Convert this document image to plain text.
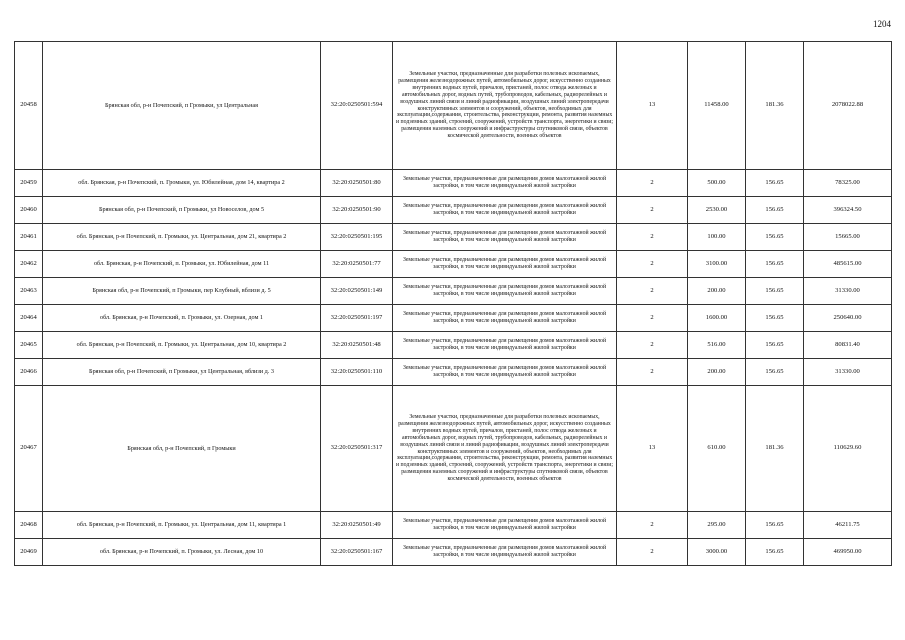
1204
20458	Брянская обл, р-н Почепский, п Громыки, ул Центральная	32:20:0250501:594	Земельные участки, предназначенные для разработки полезных ископаемых, размещения железнодорожных путей, автомобильных дорог, искусственно созданных внутренних водных путей, причалов, пристаней, полос отвода железных и автомобильных дорог, водных путей, трубопроводов, кабельных, радиорелейных и воздушных линий связи и линий радиофикации, воздушных линий электропередачи конструктивных элементов и сооружений, объектов, необходимых для эксплуатации,содержания, строительства, реконструкции, ремонта, развития наземных и подземных зданий, строений, сооружений, устройств транспорта, энергетики и связи; размещения наземных сооружений и инфраструктуры спутниковой связи, объектов космической деятельности, военных объектов	13	11458.00	181.36	2078022.88
20459	обл. Брянская, р-н Почепский, п. Громыки, ул. Юбилейная, дом 14, квартира 2	32:20:0250501:80	Земельные участки, предназначенные для размещения домов малоэтажной жилой застройки, в том числе индивидуальной жилой застройки	2	500.00	156.65	78325.00
20460	Брянская обл, р-н Почепский, п Громыки, ул Новоселов, дом 5	32:20:0250501:90	Земельные участки, предназначенные для размещения домов малоэтажной жилой застройки, в том числе индивидуальной жилой застройки	2	2530.00	156.65	396324.50
20461	обл. Брянская, р-н Почепский, п. Громыки, ул. Центральная, дом 21, квартира 2	32:20:0250501:195	Земельные участки, предназначенные для размещения домов малоэтажной жилой застройки, в том числе индивидуальной жилой застройки	2	100.00	156.65	15665.00
20462	обл. Брянская, р-н Почепский, п. Громыки, ул. Юбилейная, дом 11	32:20:0250501:77	Земельные участки, предназначенные для размещения домов малоэтажной жилой застройки, в том числе индивидуальной жилой застройки	2	3100.00	156.65	485615.00
20463	Брянская обл, р-н Почепский, п Громыки, пер Клубный, вблизи д. 5	32:20:0250501:149	Земельные участки, предназначенные для размещения домов малоэтажной жилой застройки, в том числе индивидуальной жилой застройки	2	200.00	156.65	31330.00
20464	обл. Брянская, р-н Почепский, п. Громыки, ул. Озерная, дом 1	32:20:0250501:197	Земельные участки, предназначенные для размещения домов малоэтажной жилой застройки, в том числе индивидуальной жилой застройки	2	1600.00	156.65	250640.00
20465	обл. Брянская, р-н Почепский, п. Громыки, ул. Центральная, дом 10, квартира 2	32:20:0250501:48	Земельные участки, предназначенные для размещения домов малоэтажной жилой застройки, в том числе индивидуальной жилой застройки	2	516.00	156.65	80831.40
20466	Брянская обл, р-н Почепский, п Громыки, ул Центральная, вблизи д. 3	32:20:0250501:110	Земельные участки, предназначенные для размещения домов малоэтажной жилой застройки, в том числе индивидуальной жилой застройки	2	200.00	156.65	31330.00
20467	Брянская обл, р-н Почепский, п Громыки	32:20:0250501:317	Земельные участки, предназначенные для разработки полезных ископаемых, размещения железнодорожных путей, автомобильных дорог, искусственно созданных внутренних водных путей, причалов, пристаней, полос отвода железных и автомобильных дорог, водных путей, трубопроводов, кабельных, радиорелейных и воздушных линий связи и линий радиофикации, воздушных линий электропередачи конструктивных элементов и сооружений, объектов, необходимых для эксплуатации,содержания, строительства, реконструкции, ремонта, развития наземных и подземных зданий, строений, сооружений, устройств транспорта, энергетики и связи; размещения наземных сооружений и инфраструктуры спутниковой связи, объектов космической деятельности, военных объектов	13	610.00	181.36	110629.60
20468	обл. Брянская, р-н Почепский, п. Громыки, ул. Центральная, дом 11, квартира 1	32:20:0250501:49	Земельные участки, предназначенные для размещения домов малоэтажной жилой застройки, в том числе индивидуальной жилой застройки	2	295.00	156.65	46211.75
20469	обл. Брянская, р-н Почепский, п. Громыки, ул. Лесная, дом 10	32:20:0250501:167	Земельные участки, предназначенные для размещения домов малоэтажной жилой застройки, в том числе индивидуальной жилой застройки	2	3000.00	156.65	469950.00
